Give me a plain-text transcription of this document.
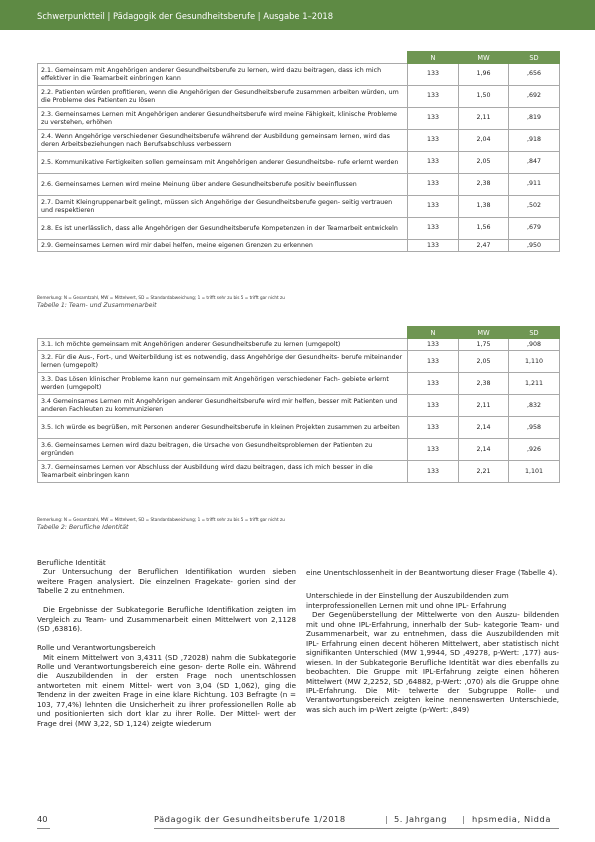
Schwerpunktteil | Pädagogik der Gesundheitsberufe | Ausgabe 1–2018
	N	MW	SD
2.1. Gemeinsam mit Angehörigen anderer Gesundheitsberufe zu lernen, wird dazu beitragen, dass ich mich effektiver in die Teamarbeit einbringen kann	133	1,96	,656
2.2. Patienten würden profitieren, wenn die Angehörigen der Gesundheitsberufe zusammen arbeiten würden, um die Probleme des Patienten zu lösen	133	1,50	,692
2.3. Gemeinsames Lernen mit Angehörigen anderer Gesundheitsberufe wird meine Fähigkeit, klinische Probleme zu verstehen, erhöhen	133	2,11	,819
2.4. Wenn Angehörige verschiedener Gesundheitsberufe während der Ausbildung gemeinsam lernen, wird das deren Arbeitsbeziehungen nach Berufsabschluss verbessern	133	2,04	,918
2.5. Kommunikative Fertigkeiten sollen gemeinsam mit Angehörigen anderer Gesundheitsbe- rufe erlernt werden	133	2,05	,847
2.6. Gemeinsames Lernen wird meine Meinung über andere Gesundheitsberufe positiv beeinflussen	133	2,38	,911
2.7. Damit Kleingruppenarbeit gelingt, müssen sich Angehörige der Gesundheitsberufe gegen- seitig vertrauen und respektieren	133	1,38	,502
2.8. Es ist unerlässlich, dass alle Angehörigen der Gesundheitsberufe Kompetenzen in der Teamarbeit entwickeln	133	1,56	,679
2.9. Gemeinsames Lernen wird mir dabei helfen, meine eigenen Grenzen zu erkennen	133	2,47	,950
Bemerkung: N = Gesamtzahl, MW = Mittelwert, SD = Standardabweichung; 1 = trifft sehr zu bis 5 = trifft gar nicht zu
Tabelle 1: Team- und Zusammenarbeit
	N	MW	SD
3.1. Ich möchte gemeinsam mit Angehörigen anderer Gesundheitsberufe zu lernen (umgepolt)	133	1,75	,908
3.2. Für die Aus-, Fort-, und Weiterbildung ist es notwendig, dass Angehörige der Gesundheits- berufe miteinander lernen (umgepolt)	133	2,05	1,110
3.3. Das Lösen klinischer Probleme kann nur gemeinsam mit Angehörigen verschiedener Fach- gebiete erlernt werden (umgepolt)	133	2,38	1,211
3.4 Gemeinsames Lernen mit Angehörigen anderer Gesundheitsberufe wird mir helfen, besser mit Patienten und anderen Fachleuten zu kommunizieren	133	2,11	,832
3.5. Ich würde es begrüßen, mit Personen anderer Gesundheitsberufe in kleinen Projekten zusammen zu arbeiten	133	2,14	,958
3.6. Gemeinsames Lernen wird dazu beitragen, die Ursache von Gesundheitsproblemen der Patienten zu ergründen	133	2,14	,926
3.7. Gemeinsames Lernen vor Abschluss der Ausbildung wird dazu beitragen, dass ich mich besser in die Teamarbeit einbringen kann	133	2,21	1,101
Bemerkung: N = Gesamtzahl, MW = Mittelwert, SD = Standardabweichung; 1 = trifft sehr zu bis 5 = trifft gar nicht zu
Tabelle 2: Berufliche Identität

Berufliche Identität

Zur Untersuchung der Beruflichen Identifikation wurden sieben weitere Fragen analysiert. Die einzelnen Fragekate- gorien sind der Tabelle 2 zu entnehmen.

Die Ergebnisse der Subkategorie Berufliche Identifikation zeigten im Vergleich zu Team- und Zusammenarbeit einen Mittelwert von 2,1128 (SD ,63816).

Rolle und Verantwortungsbereich

Mit einem Mittelwert von 3,4311 (SD ,72028) nahm die Subkategorie Rolle und Verantwortungsbereich eine geson- derte Rolle ein. Während die Auszubildenden in der ersten Frage noch unentschlossen antworteten mit einem Mittel- wert von 3,04 (SD 1,062), ging die Tendenz in der zweiten Frage in eine klare Richtung. 103 Befragte (n = 103, 77,4%) lehnten die Unsicherheit zu ihrer professionellen Rolle ab und positionierten sich dort klar zu ihrer Rolle. Der Mittel- wert der Frage drei (MW 3,22, SD 1,124) zeigte wiederum

eine Unentschlossenheit in der Beantwortung dieser Frage (Tabelle 4).

Unterschiede in der Einstellung der Auszubildenden zum interprofessionellen Lernen mit und ohne IPL- Erfahrung

Der Gegenüberstellung der Mittelwerte von den Auszu- bildenden mit und ohne IPL-Erfahrung, innerhalb der Sub- kategorie Team- und Zusammenarbeit, war zu entnehmen, dass die Auszubildenden mit IPL- Erfahrung einen decent höheren Mittelwert, aber statistisch nicht signifikanten Unterschied (MW 1,9944, SD ,49278, p-Wert: ,177) aus- wiesen. In der Subkategorie Berufliche Identität war dies ebenfalls zu beobachten. Die Gruppe mit IPL-Erfahrung zeigte einen höheren Mittelwert (MW 2,2252, SD ,64882, p-Wert: ,070) als die Gruppe ohne IPL-Erfahrung. Die Mit- telwerte der Subgruppe Rolle- und Verantwortungsbereich zeigten keine nennenswerten Unterschiede, was sich auch im p-Wert zeigte (p-Wert: ,849)

40	Pädagogik der Gesundheitsberufe 1/2018	| 5. Jahrgang | hpsmedia, Nidda
